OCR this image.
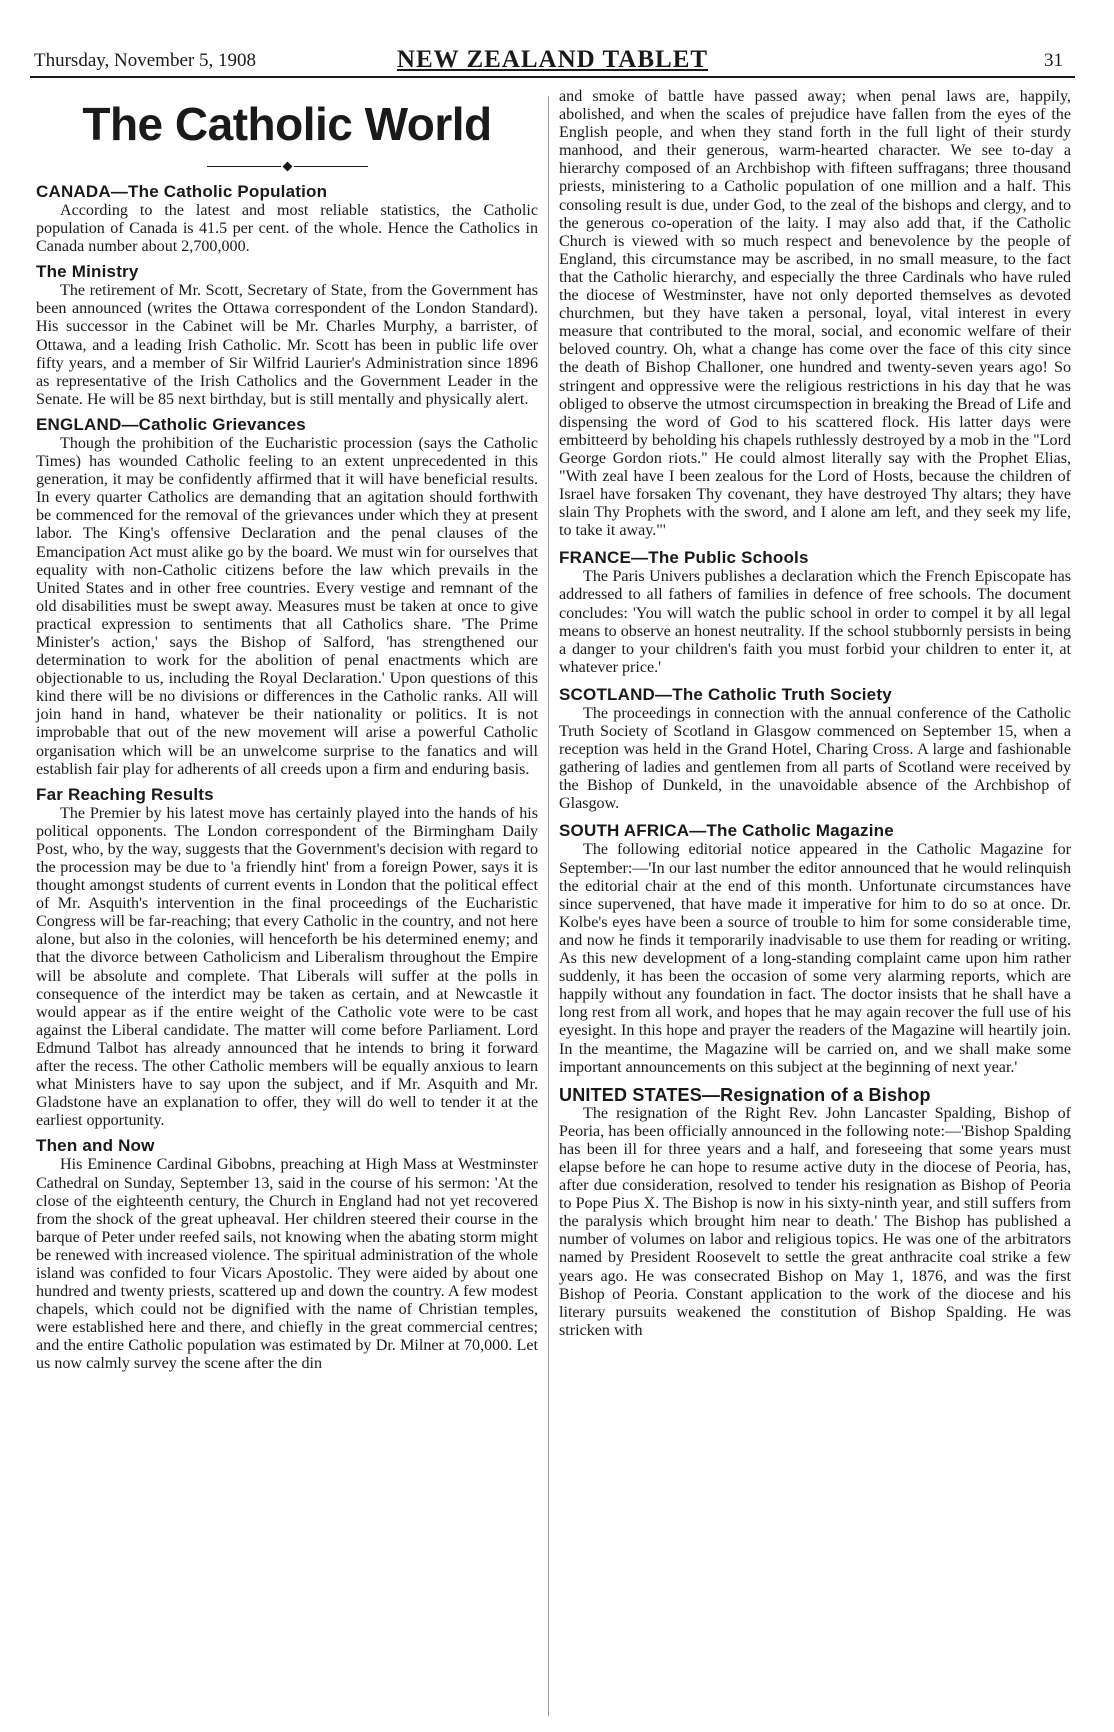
Thursday, November 5, 1908	NEW ZEALAND TABLET	31
The Catholic World
CANADA—The Catholic Population

According to the latest and most reliable statistics, the Catholic population of Canada is 41.5 per cent. of the whole. Hence the Catholics in Canada number about 2,700,000.

The Ministry

The retirement of Mr. Scott, Secretary of State, from the Government has been announced (writes the Ottawa correspondent of the London Standard). His successor in the Cabinet will be Mr. Charles Murphy, a barrister, of Ottawa, and a leading Irish Catholic. Mr. Scott has been in public life over fifty years, and a member of Sir Wilfrid Laurier's Administration since 1896 as representative of the Irish Catholics and the Government Leader in the Senate. He will be 85 next birthday, but is still mentally and physically alert.

ENGLAND—Catholic Grievances

Though the prohibition of the Eucharistic procession (says the Catholic Times) has wounded Catholic feeling to an extent unprecedented in this generation, it may be confidently affirmed that it will have beneficial results. In every quarter Catholics are demanding that an agitation should forthwith be commenced for the removal of the grievances under which they at present labor. The King's offensive Declaration and the penal clauses of the Emancipation Act must alike go by the board. We must win for ourselves that equality with non-Catholic citizens before the law which prevails in the United States and in other free countries. Every vestige and remnant of the old disabilities must be swept away. Measures must be taken at once to give practical expression to sentiments that all Catholics share. 'The Prime Minister's action,' says the Bishop of Salford, 'has strengthened our determination to work for the abolition of penal enactments which are objectionable to us, including the Royal Declaration.' Upon questions of this kind there will be no divisions or differences in the Catholic ranks. All will join hand in hand, whatever be their nationality or politics. It is not improbable that out of the new movement will arise a powerful Catholic organisation which will be an unwelcome surprise to the fanatics and will establish fair play for adherents of all creeds upon a firm and enduring basis.

Far Reaching Results

The Premier by his latest move has certainly played into the hands of his political opponents. The London correspondent of the Birmingham Daily Post, who, by the way, suggests that the Government's decision with regard to the procession may be due to 'a friendly hint' from a foreign Power, says it is thought amongst students of current events in London that the political effect of Mr. Asquith's intervention in the final proceedings of the Eucharistic Congress will be far-reaching; that every Catholic in the country, and not here alone, but also in the colonies, will henceforth be his determined enemy; and that the divorce between Catholicism and Liberalism throughout the Empire will be absolute and complete. That Liberals will suffer at the polls in consequence of the interdict may be taken as certain, and at Newcastle it would appear as if the entire weight of the Catholic vote were to be cast against the Liberal candidate. The matter will come before Parliament. Lord Edmund Talbot has already announced that he intends to bring it forward after the recess. The other Catholic members will be equally anxious to learn what Ministers have to say upon the subject, and if Mr. Asquith and Mr. Gladstone have an explanation to offer, they will do well to tender it at the earliest opportunity.

Then and Now

His Eminence Cardinal Gibobns, preaching at High Mass at Westminster Cathedral on Sunday, September 13, said in the course of his sermon: 'At the close of the eighteenth century, the Church in England had not yet recovered from the shock of the great upheaval. Her children steered their course in the barque of Peter under reefed sails, not knowing when the abating storm might be renewed with increased violence. The spiritual administration of the whole island was confided to four Vicars Apostolic. They were aided by about one hundred and twenty priests, scattered up and down the country. A few modest chapels, which could not be dignified with the name of Christian temples, were established here and there, and chiefly in the great commercial centres; and the entire Catholic population was estimated by Dr. Milner at 70,000. Let us now calmly survey the scene after the din

and smoke of battle have passed away; when penal laws are, happily, abolished, and when the scales of prejudice have fallen from the eyes of the English people, and when they stand forth in the full light of their sturdy manhood, and their generous, warm-hearted character. We see to-day a hierarchy composed of an Archbishop with fifteen suffragans; three thousand priests, ministering to a Catholic population of one million and a half. This consoling result is due, under God, to the zeal of the bishops and clergy, and to the generous co-operation of the laity. I may also add that, if the Catholic Church is viewed with so much respect and benevolence by the people of England, this circumstance may be ascribed, in no small measure, to the fact that the Catholic hierarchy, and especially the three Cardinals who have ruled the diocese of Westminster, have not only deported themselves as devoted churchmen, but they have taken a personal, loyal, vital interest in every measure that contributed to the moral, social, and economic welfare of their beloved country. Oh, what a change has come over the face of this city since the death of Bishop Challoner, one hundred and twenty-seven years ago! So stringent and oppressive were the religious restrictions in his day that he was obliged to observe the utmost circumspection in breaking the Bread of Life and dispensing the word of God to his scattered flock. His latter days were embitteerd by beholding his chapels ruthlessly destroyed by a mob in the "Lord George Gordon riots." He could almost literally say with the Prophet Elias, "With zeal have I been zealous for the Lord of Hosts, because the children of Israel have forsaken Thy covenant, they have destroyed Thy altars; they have slain Thy Prophets with the sword, and I alone am left, and they seek my life, to take it away."'

FRANCE—The Public Schools

The Paris Univers publishes a declaration which the French Episcopate has addressed to all fathers of families in defence of free schools. The document concludes: 'You will watch the public school in order to compel it by all legal means to observe an honest neutrality. If the school stubbornly persists in being a danger to your children's faith you must forbid your children to enter it, at whatever price.'

SCOTLAND—The Catholic Truth Society

The proceedings in connection with the annual conference of the Catholic Truth Society of Scotland in Glasgow commenced on September 15, when a reception was held in the Grand Hotel, Charing Cross. A large and fashionable gathering of ladies and gentlemen from all parts of Scotland were received by the Bishop of Dunkeld, in the unavoidable absence of the Archbishop of Glasgow.

SOUTH AFRICA—The Catholic Magazine

The following editorial notice appeared in the Catholic Magazine for September:—'In our last number the editor announced that he would relinquish the editorial chair at the end of this month. Unfortunate circumstances have since supervened, that have made it imperative for him to do so at once. Dr. Kolbe's eyes have been a source of trouble to him for some considerable time, and now he finds it temporarily inadvisable to use them for reading or writing. As this new development of a long-standing complaint came upon him rather suddenly, it has been the occasion of some very alarming reports, which are happily without any foundation in fact. The doctor insists that he shall have a long rest from all work, and hopes that he may again recover the full use of his eyesight. In this hope and prayer the readers of the Magazine will heartily join. In the meantime, the Magazine will be carried on, and we shall make some important announcements on this subject at the beginning of next year.'

UNITED STATES—Resignation of a Bishop

The resignation of the Right Rev. John Lancaster Spalding, Bishop of Peoria, has been officially announced in the following note:—'Bishop Spalding has been ill for three years and a half, and foreseeing that some years must elapse before he can hope to resume active duty in the diocese of Peoria, has, after due consideration, resolved to tender his resignation as Bishop of Peoria to Pope Pius X. The Bishop is now in his sixty-ninth year, and still suffers from the paralysis which brought him near to death.' The Bishop has published a number of volumes on labor and religious topics. He was one of the arbitrators named by President Roosevelt to settle the great anthracite coal strike a few years ago. He was consecrated Bishop on May 1, 1876, and was the first Bishop of Peoria. Constant application to the work of the diocese and his literary pursuits weakened the constitution of Bishop Spalding. He was stricken with
